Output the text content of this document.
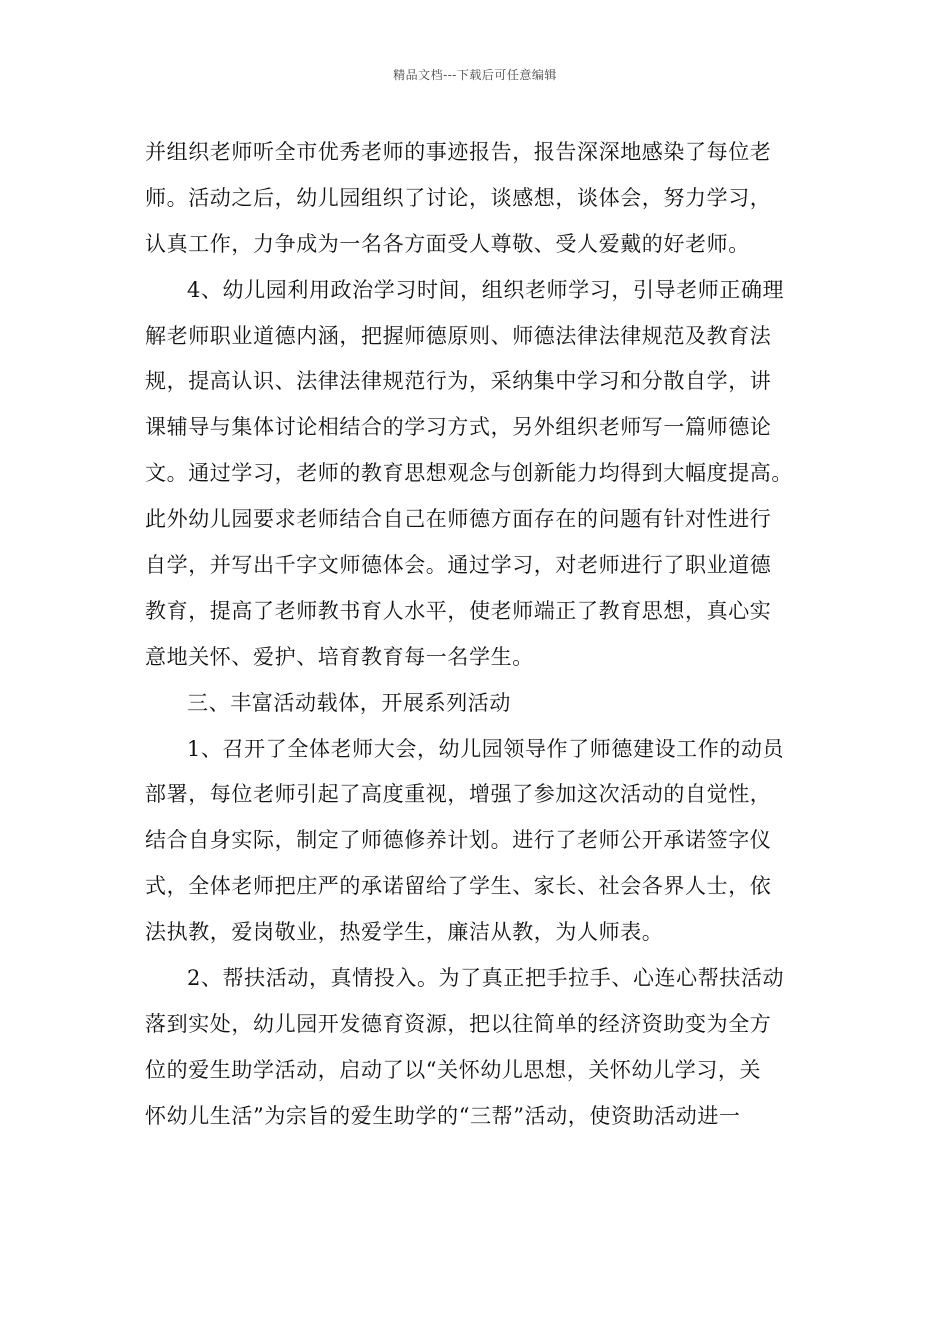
精品文档---下载后可任意编辑
并组织老师听全市优秀老师的事迹报告，报告深深地感染了每位老
师。活动之后，幼儿园组织了讨论，谈感想，谈体会，努力学习，
认真工作，力争成为一名各方面受人尊敬、受人爱戴的好老师。
4、幼儿园利用政治学习时间，组织老师学习，引导老师正确理
解老师职业道德内涵，把握师德原则、师德法律法律规范及教育法
规，提高认识、法律法律规范行为，采纳集中学习和分散自学，讲
课辅导与集体讨论相结合的学习方式，另外组织老师写一篇师德论
文。通过学习，老师的教育思想观念与创新能力均得到大幅度提高。
此外幼儿园要求老师结合自己在师德方面存在的问题有针对性进行
自学，并写出千字文师德体会。通过学习，对老师进行了职业道德
教育，提高了老师教书育人水平，使老师端正了教育思想，真心实
意地关怀、爱护、培育教育每一名学生。
三、丰富活动载体，开展系列活动
1、召开了全体老师大会，幼儿园领导作了师德建设工作的动员
部署，每位老师引起了高度重视，增强了参加这次活动的自觉性，
结合自身实际，制定了师德修养计划。进行了老师公开承诺签字仪
式，全体老师把庄严的承诺留给了学生、家长、社会各界人士，依
法执教，爱岗敬业，热爱学生，廉洁从教，为人师表。
2、帮扶活动，真情投入。为了真正把手拉手、心连心帮扶活动
落到实处，幼儿园开发德育资源，把以往简单的经济资助变为全方
位的爱生助学活动，启动了以“关怀幼儿思想，关怀幼儿学习，关
怀幼儿生活”为宗旨的爱生助学的“三帮”活动，使资助活动进一
